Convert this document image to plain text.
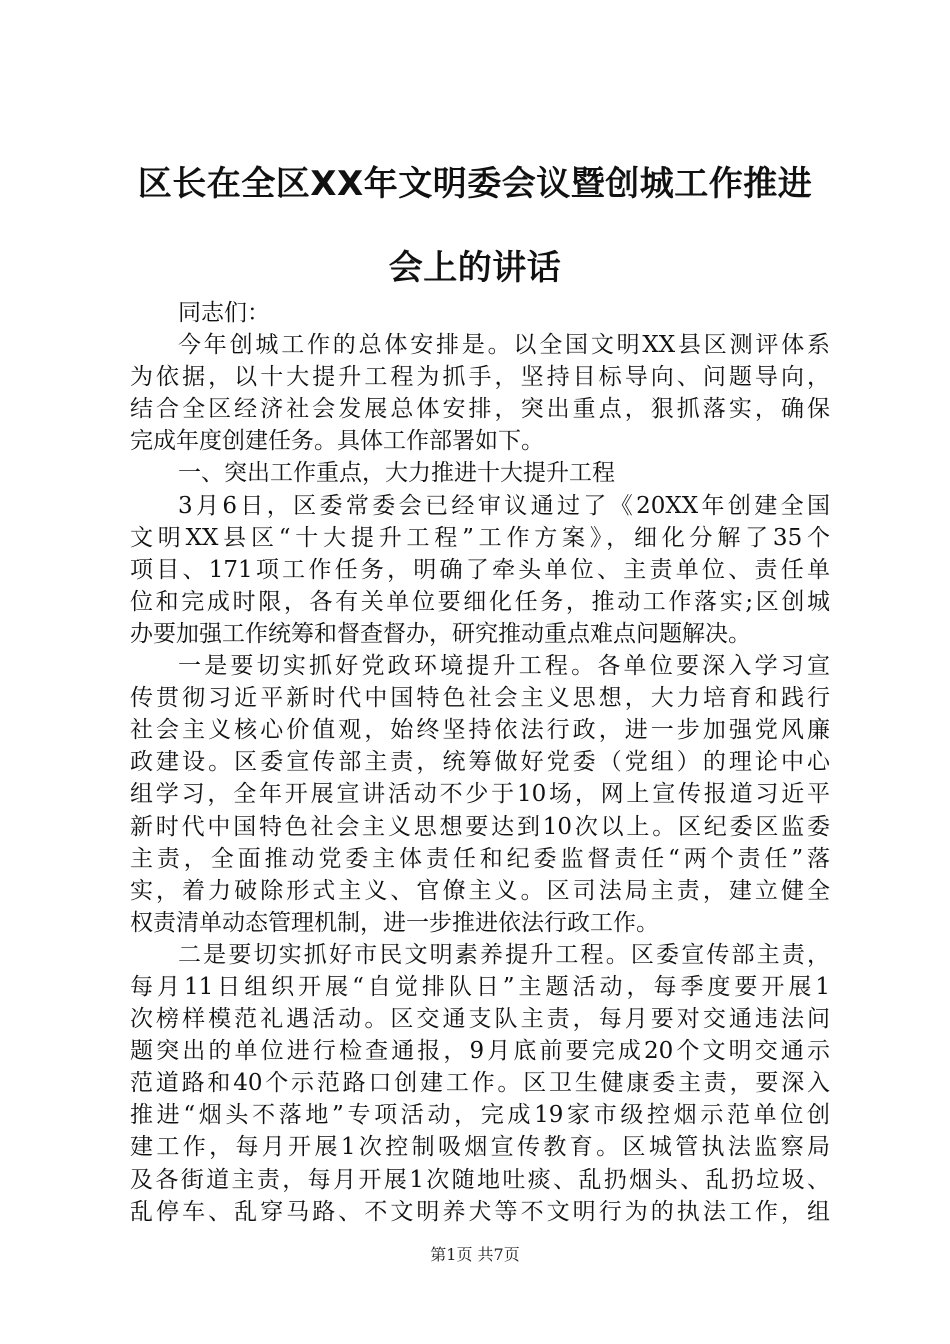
区长在全区XX年文明委会议暨创城工作推进
会上的讲话
同志们：
今年创城工作的总体安排是。以全国文明XX县区测评体系
为依据，以十大提升工程为抓手，坚持目标导向、问题导向，
结合全区经济社会发展总体安排，突出重点，狠抓落实，确保
完成年度创建任务。具体工作部署如下。
一、突出工作重点，大力推进十大提升工程
3月6日，区委常委会已经审议通过了《20XX年创建全国
文明XX县区“十大提升工程”工作方案》，细化分解了35个
项目、171项工作任务，明确了牵头单位、主责单位、责任单
位和完成时限，各有关单位要细化任务，推动工作落实;区创城
办要加强工作统筹和督查督办，研究推动重点难点问题解决。
一是要切实抓好党政环境提升工程。各单位要深入学习宣
传贯彻习近平新时代中国特色社会主义思想，大力培育和践行
社会主义核心价值观，始终坚持依法行政，进一步加强党风廉
政建设。区委宣传部主责，统筹做好党委（党组）的理论中心
组学习，全年开展宣讲活动不少于10场，网上宣传报道习近平
新时代中国特色社会主义思想要达到10次以上。区纪委区监委
主责，全面推动党委主体责任和纪委监督责任“两个责任”落
实，着力破除形式主义、官僚主义。区司法局主责，建立健全
权责清单动态管理机制，进一步推进依法行政工作。
二是要切实抓好市民文明素养提升工程。区委宣传部主责，
每月11日组织开展“自觉排队日”主题活动，每季度要开展1
次榜样模范礼遇活动。区交通支队主责，每月要对交通违法问
题突出的单位进行检查通报，9月底前要完成20个文明交通示
范道路和40个示范路口创建工作。区卫生健康委主责，要深入
推进“烟头不落地”专项活动，完成19家市级控烟示范单位创
建工作，每月开展1次控制吸烟宣传教育。区城管执法监察局
及各街道主责，每月开展1次随地吐痰、乱扔烟头、乱扔垃圾、
乱停车、乱穿马路、不文明养犬等不文明行为的执法工作，组
第1页 共7页
